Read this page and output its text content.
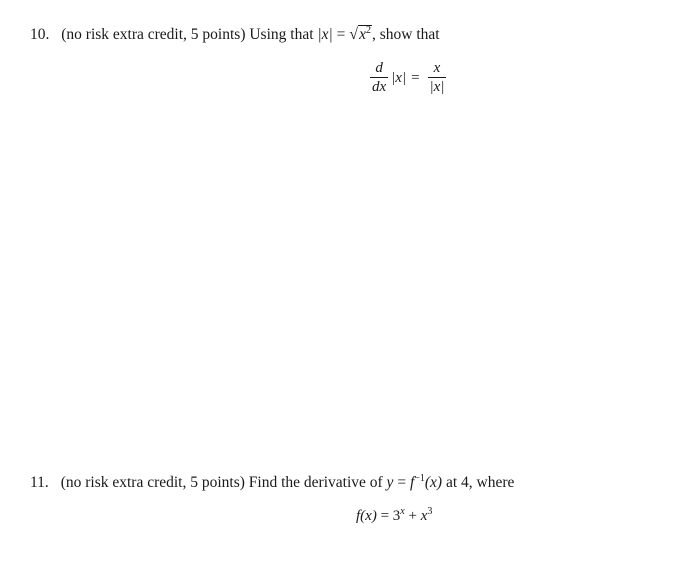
10. (no risk extra credit, 5 points) Using that $|x| = √x^2$, show that
$\frac{d}{dx} |x| = \frac{x}{|x|}$
11. (no risk extra credit, 5 points) Find the derivative of $y = f^{-1}(x)$ at 4, where
$f(x) = 3^x + x^3$
